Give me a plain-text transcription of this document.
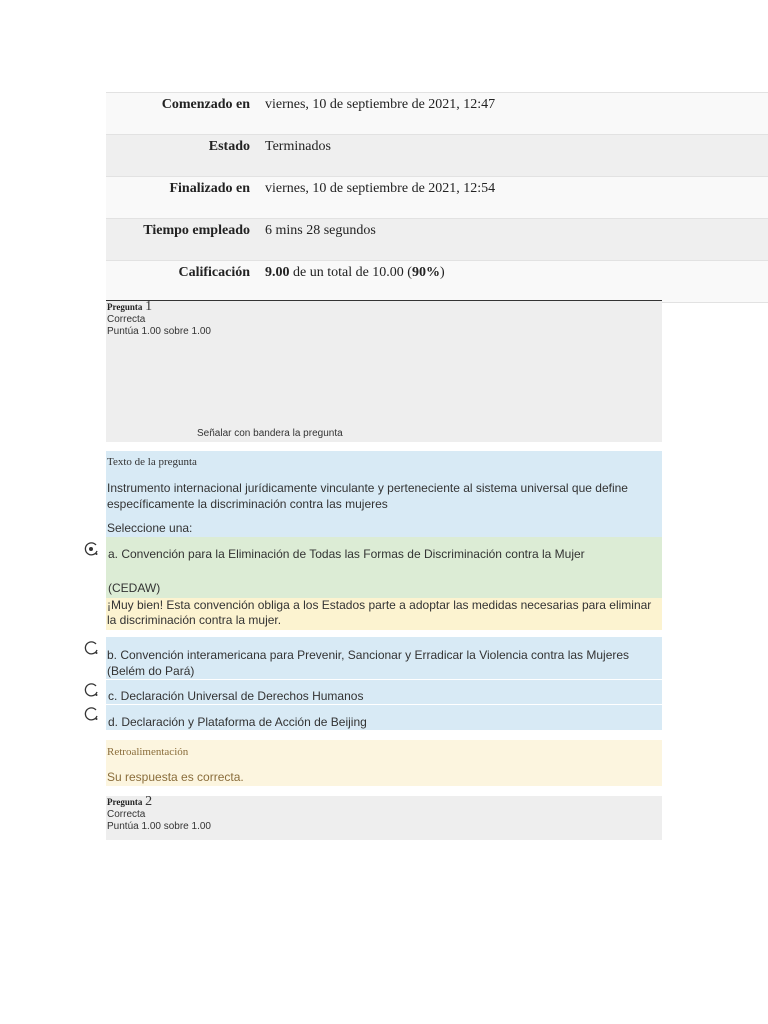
Comenzado en	viernes, 10 de septiembre de 2021, 12:47
Estado	Terminados
Finalizado en	viernes, 10 de septiembre de 2021, 12:54
Tiempo empleado	6 mins 28 segundos
Calificación	9.00 de un total de 10.00 (90%)
Pregunta 1
Correcta
Puntúa 1.00 sobre 1.00
Señalar con bandera la pregunta
Texto de la pregunta
Instrumento internacional jurídicamente vinculante y perteneciente al sistema universal que define específicamente la discriminación contra las mujeres
Seleccione una:
a. Convención para la Eliminación de Todas las Formas de Discriminación contra la Mujer
(CEDAW)
¡Muy bien! Esta convención obliga a los Estados parte a adoptar las medidas necesarias para eliminar la discriminación contra la mujer.
b. Convención interamericana para Prevenir, Sancionar y Erradicar la Violencia contra las Mujeres (Belém do Pará)
c. Declaración Universal de Derechos Humanos
d. Declaración y Plataforma de Acción de Beijing
Retroalimentación
Su respuesta es correcta.
Pregunta 2
Correcta
Puntúa 1.00 sobre 1.00
